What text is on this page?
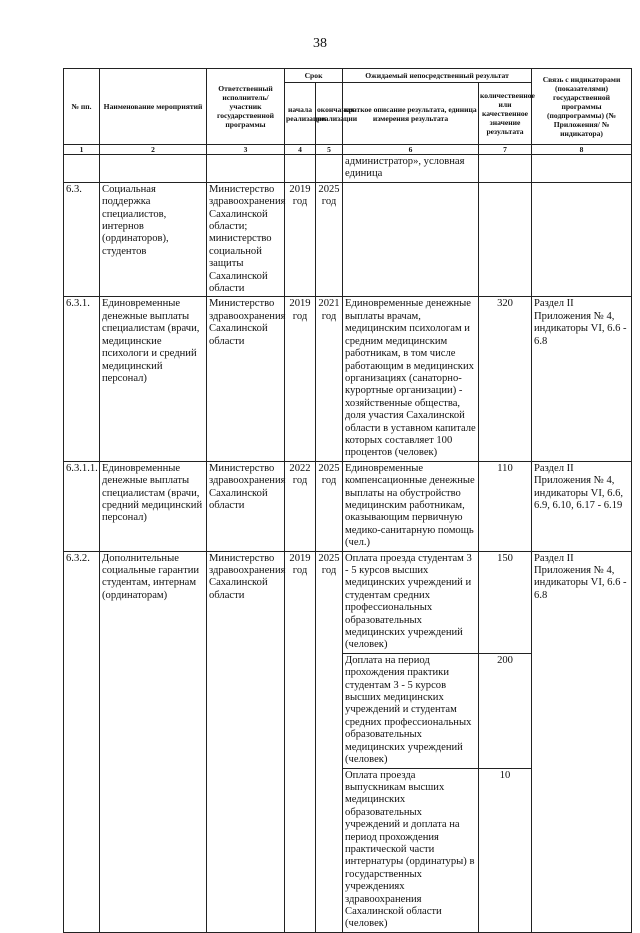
38
№ пп.	Наименование мероприятий	Ответственный исполнитель/ участник государственной программы	Срок		Ожидаемый непосредственный результат		Связь с индикаторами (показателями) государственной программы (подпрограммы) (№ Приложения/ № индикатора)
			начала реализации	окончания реализации	краткое описание результата, единица измерения результата	количественное или качественное значение результата	
1	2	3	4	5	6	7	8
					администратор», условная единица		
6.3.	Социальная поддержка специалистов, интернов (ординаторов), студентов	Министерство здравоохранения Сахалинской области; министерство социальной защиты Сахалинской области	2019 год	2025 год			
6.3.1.	Единовременные денежные выплаты специалистам (врачи, медицинские психологи и средний медицинский персонал)	Министерство здравоохранения Сахалинской области	2019 год	2021 год	Единовременные денежные выплаты врачам, медицинским психологам и средним медицинским работникам, в том числе работающим в медицинских организациях (санаторно-курортные организации) - хозяйственные общества, доля участия Сахалинской области в уставном капитале которых составляет 100 процентов (человек)	320	Раздел II Приложения № 4, индикаторы VI, 6.6 - 6.8
6.3.1.1.	Единовременные денежные выплаты специалистам (врачи, средний медицинский персонал)	Министерство здравоохранения Сахалинской области	2022 год	2025 год	Единовременные компенсационные денежные выплаты на обустройство медицинским работникам, оказывающим первичную медико-санитарную помощь (чел.)	110	Раздел II Приложения № 4, индикаторы VI, 6.6, 6.9, 6.10, 6.17 - 6.19
6.3.2.	Дополнительные социальные гарантии студентам, интернам (ординаторам)	Министерство здравоохранения Сахалинской области	2019 год	2025 год	Оплата проезда студентам 3 - 5 курсов высших медицинских учреждений и студентам средних профессиональных образовательных медицинских учреждений (человек)	150	Раздел II Приложения № 4, индикаторы VI, 6.6 - 6.8
					Доплата на период прохождения практики студентам 3 - 5 курсов высших медицинских учреждений и студентам средних профессиональных образовательных медицинских учреждений (человек)	200	
					Оплата проезда выпускникам высших медицинских образовательных учреждений и доплата на период прохождения практической части интернатуры (ординатуры) в государственных учреждениях здравоохранения Сахалинской области (человек)	10	
